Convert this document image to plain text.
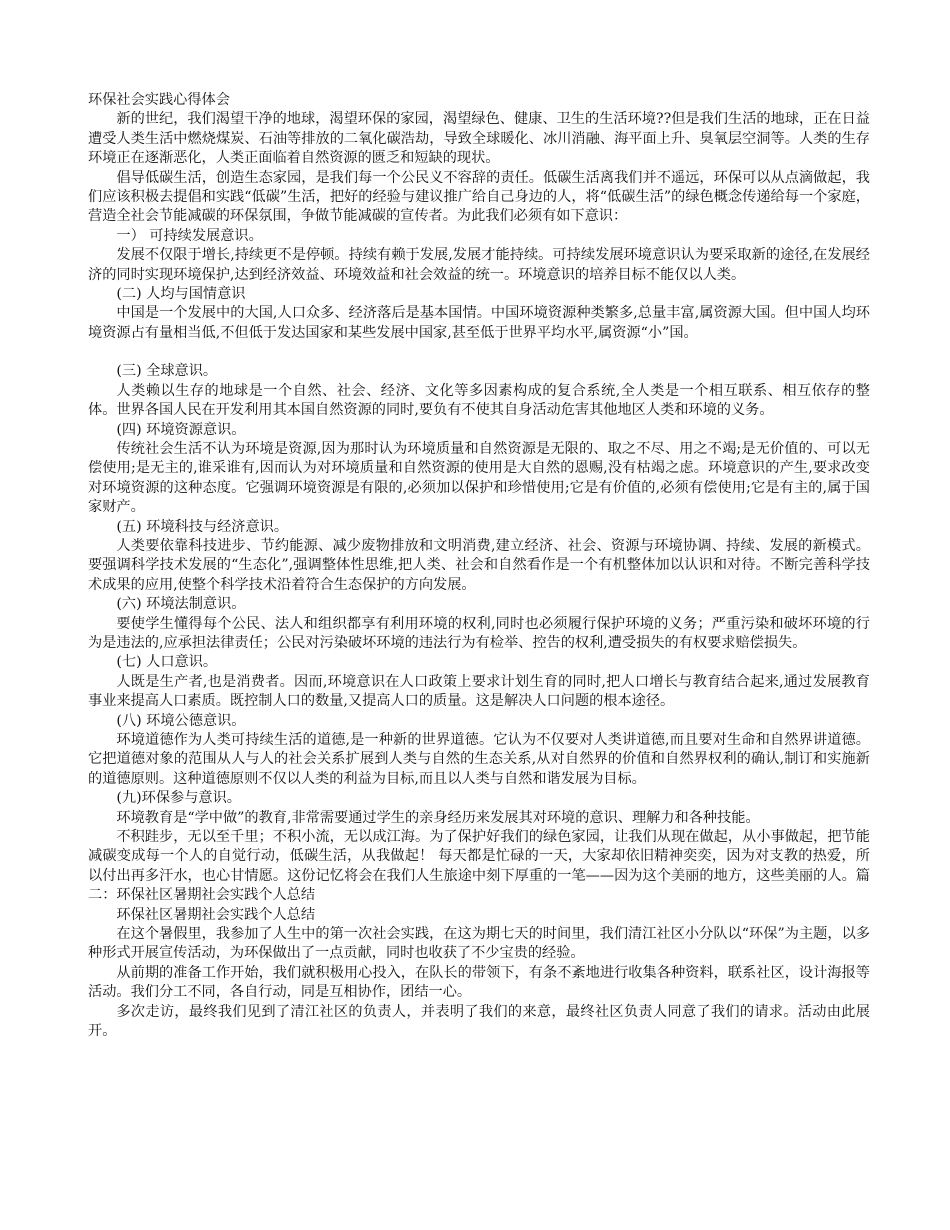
环保社会实践心得体会

新的世纪，我们渴望干净的地球，渴望环保的家园，渴望绿色、健康、卫生的生活环境??但是我们生活的地球，正在日益遭受人类生活中燃烧煤炭、石油等排放的二氧化碳浩劫，导致全球暖化、冰川消融、海平面上升、臭氧层空洞等。人类的生存环境正在逐渐恶化，人类正面临着自然资源的匮乏和短缺的现状。

倡导低碳生活，创造生态家园，是我们每一个公民义不容辞的责任。低碳生活离我们并不遥远，环保可以从点滴做起，我们应该积极去提倡和实践“低碳”生活，把好的经验与建议推广给自己身边的人，将“低碳生活”的绿色概念传递给每一个家庭，营造全社会节能减碳的环保氛围，争做节能减碳的宣传者。为此我们必须有如下意识：

一） 可持续发展意识。

发展不仅限于增长,持续更不是停顿。持续有赖于发展,发展才能持续。可持续发展环境意识认为要采取新的途径,在发展经济的同时实现环境保护,达到经济效益、环境效益和社会效益的统一。环境意识的培养目标不能仅以人类。

(二) 人均与国情意识

中国是一个发展中的大国,人口众多、经济落后是基本国情。中国环境资源种类繁多,总量丰富,属资源大国。但中国人均环境资源占有量相当低,不但低于发达国家和某些发展中国家,甚至低于世界平均水平,属资源“小”国。

(三) 全球意识。

人类赖以生存的地球是一个自然、社会、经济、文化等多因素构成的复合系统,全人类是一个相互联系、相互依存的整体。世界各国人民在开发利用其本国自然资源的同时,要负有不使其自身活动危害其他地区人类和环境的义务。

(四) 环境资源意识。

传统社会生活不认为环境是资源,因为那时认为环境质量和自然资源是无限的、取之不尽、用之不竭;是无价值的、可以无偿使用;是无主的,谁采谁有,因而认为对环境质量和自然资源的使用是大自然的恩赐,没有枯竭之虑。环境意识的产生,要求改变对环境资源的这种态度。它强调环境资源是有限的,必须加以保护和珍惜使用;它是有价值的,必须有偿使用;它是有主的,属于国家财产。

(五) 环境科技与经济意识。

人类要依靠科技进步、节约能源、减少废物排放和文明消费,建立经济、社会、资源与环境协调、持续、发展的新模式。要强调科学技术发展的“生态化”,强调整体性思维,把人类、社会和自然看作是一个有机整体加以认识和对待。不断完善科学技术成果的应用,使整个科学技术沿着符合生态保护的方向发展。

(六) 环境法制意识。

要使学生懂得每个公民、法人和组织都享有利用环境的权利,同时也必须履行保护环境的义务；严重污染和破坏环境的行为是违法的,应承担法律责任；公民对污染破坏环境的违法行为有检举、控告的权利,遭受损失的有权要求赔偿损失。

(七) 人口意识。

人既是生产者,也是消费者。因而,环境意识在人口政策上要求计划生育的同时,把人口增长与教育结合起来,通过发展教育事业来提高人口素质。既控制人口的数量,又提高人口的质量。这是解决人口问题的根本途径。

(八) 环境公德意识。

环境道德作为人类可持续生活的道德,是一种新的世界道德。它认为不仅要对人类讲道德,而且要对生命和自然界讲道德。它把道德对象的范围从人与人的社会关系扩展到人类与自然的生态关系,从对自然界的价值和自然界权利的确认,制订和实施新的道德原则。这种道德原则不仅以人类的利益为目标,而且以人类与自然和谐发展为目标。

(九)环保参与意识。

环境教育是“学中做”的教育,非常需要通过学生的亲身经历来发展其对环境的意识、理解力和各种技能。

不积跬步，无以至千里；不积小流，无以成江海。为了保护好我们的绿色家园，让我们从现在做起，从小事做起，把节能减碳变成每一个人的自觉行动，低碳生活，从我做起！ 每天都是忙碌的一天，大家却依旧精神奕奕，因为对支教的热爱，所以付出再多汗水，也心甘情愿。这份记忆将会在我们人生旅途中刻下厚重的一笔——因为这个美丽的地方，这些美丽的人。篇二：环保社区暑期社会实践个人总结

环保社区暑期社会实践个人总结

在这个暑假里，我参加了人生中的第一次社会实践，在这为期七天的时间里，我们清江社区小分队以“环保”为主题，以多种形式开展宣传活动，为环保做出了一点贡献，同时也收获了不少宝贵的经验。

从前期的准备工作开始，我们就积极用心投入，在队长的带领下，有条不紊地进行收集各种资料，联系社区，设计海报等活动。我们分工不同，各自行动，同是互相协作，团结一心。

多次走访，最终我们见到了清江社区的负责人，并表明了我们的来意，最终社区负责人同意了我们的请求。活动由此展开。
